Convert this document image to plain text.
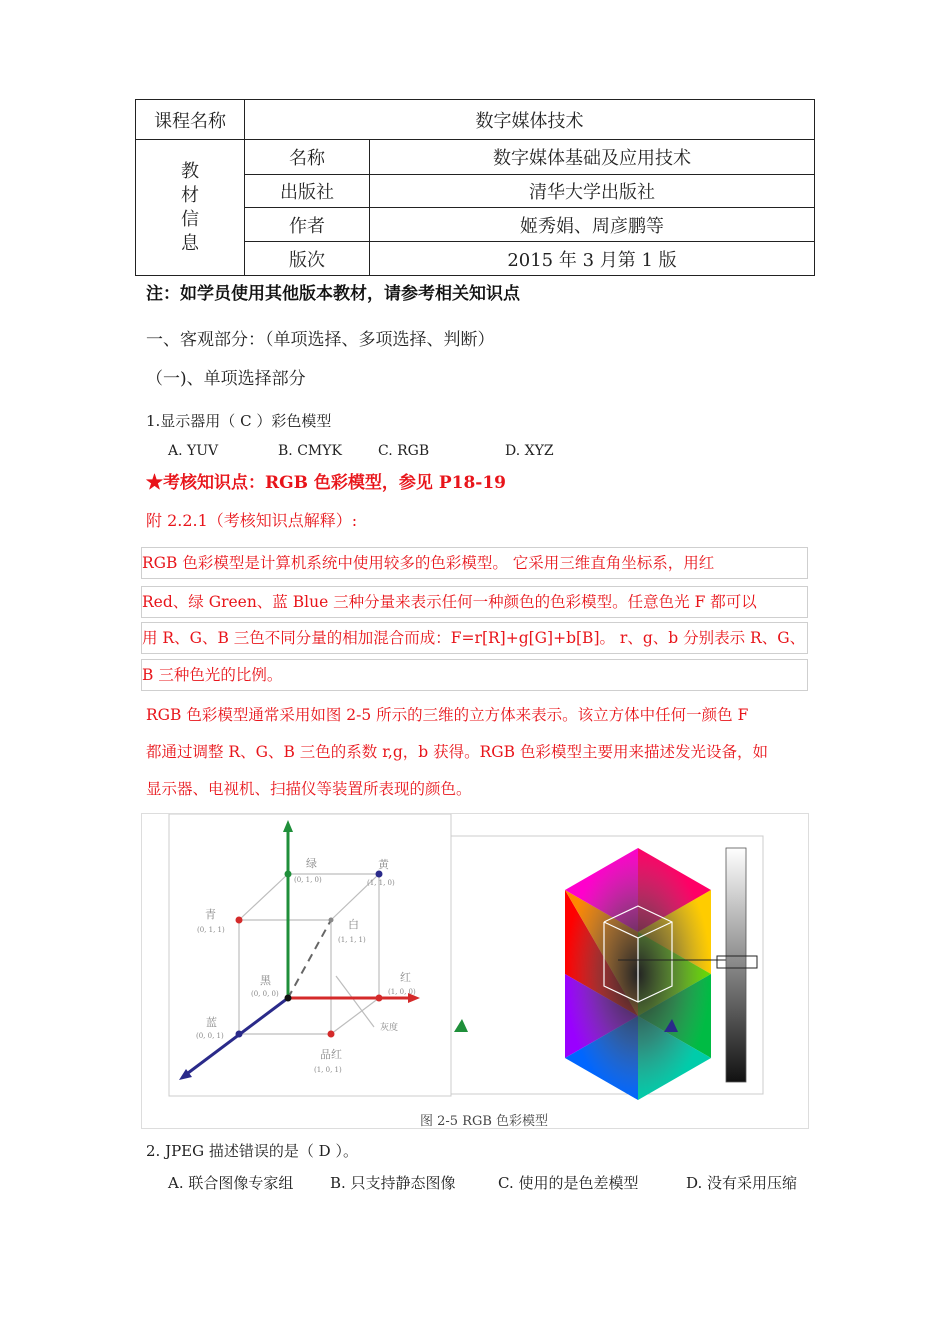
课程名称	数字媒体技术	

教
材
信
息	名称	数字媒体基础及应用技术
	出版社	清华大学出版社
	作者	姬秀娟、周彦鹏等
	版次	2015 年 3 月第 1 版
注：如学员使用其他版本教材，请参考相关知识点
一、客观部分：（单项选择、多项选择、判断）
（一)、单项选择部分
1.显示器用（ C ）彩色模型
A. YUV	B. CMYK	C. RGB	D. XYZ
★考核知识点：RGB 色彩模型，参见 P18-19
附 2.2.1（考核知识点解释）:
RGB 色彩模型是计算机系统中使用较多的色彩模型。 它采用三维直角坐标系，用红
Red、绿 Green、蓝 Blue 三种分量来表示任何一种颜色的色彩模型。任意色光 F 都可以
用 R、G、B 三色不同分量的相加混合而成：F=r[R]+g[G]+b[B]。 r、g、b 分别表示 R、G、
B 三种色光的比例。
RGB 色彩模型通常采用如图 2-5 所示的三维的立方体来表示。该立方体中任何一颜色 F
都通过调整 R、G、B 三色的系数 r,g，b 获得。RGB 色彩模型主要用来描述发光设备，如
显示器、电视机、扫描仪等装置所表现的颜色。
绿
(0, 1, 0)
黄
(1, 1, 0)
青
(0, 1, 1)	白
(1, 1, 1)
黑
(0, 0, 0)
红
(1, 0, 0)
蓝
(0, 0, 1)
品红
(1, 0, 1)
灰度
图 2-5 RGB 色彩模型
2. JPEG 描述错误的是（ D ）。
A. 联合图像专家组 B. 只支持静态图像	C. 使用的是色差模型	D. 没有采用压缩
